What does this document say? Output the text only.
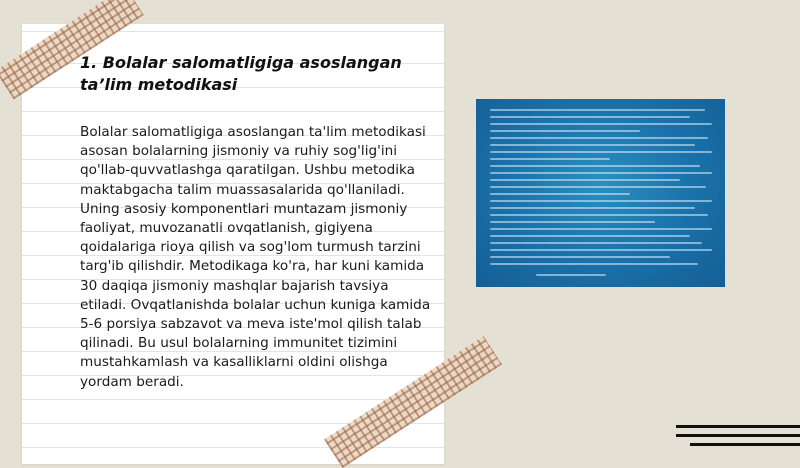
1. Bolalar salomatligiga asoslangan ta’lim metodikasi

Bolalar salomatligiga asoslangan ta'lim metodikasi asosan bolalarning jismoniy va ruhiy sog'lig'ini qo'llab-quvvatlashga qaratilgan. Ushbu metodika maktabgacha talim muassasalarida qo'llaniladi. Uning asosiy komponentlari muntazam jismoniy faoliyat, muvozanatli ovqatlanish, gigiyena qoidalariga rioya qilish va sog'lom turmush tarzini targ'ib qilishdir. Metodikaga ko'ra, har kuni kamida 30 daqiqa jismoniy mashqlar bajarish tavsiya etiladi. Ovqatlanishda bolalar uchun kuniga kamida 5-6 porsiya sabzavot va meva iste'mol qilish talab qilinadi. Bu usul bolalarning immunitet tizimini mustahkamlash va kasalliklarni oldini olishga yordam beradi.
